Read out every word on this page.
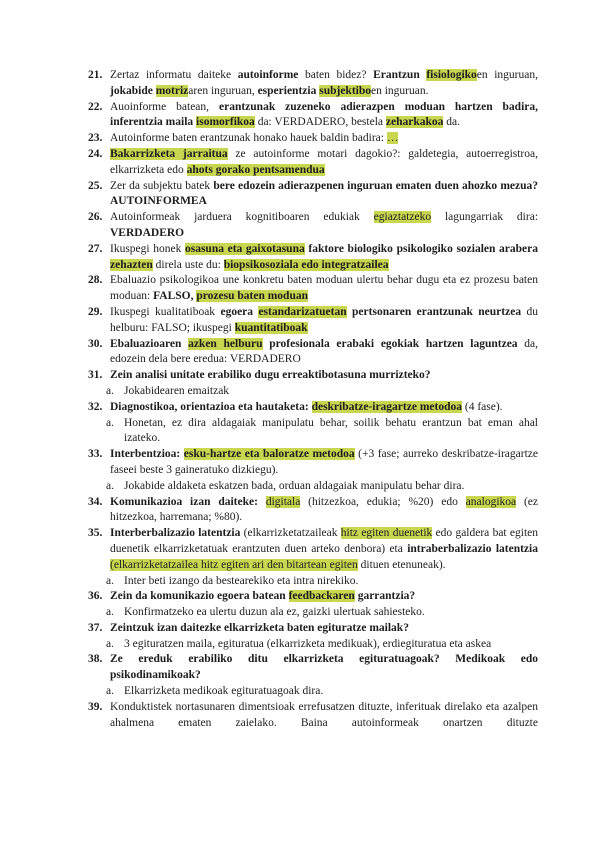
21. Zertaz informatu daiteke autoinforme baten bidez? Erantzun fisiologikoen inguruan, jokabide motrizaren inguruan, esperientzia subjektiboen inguruan.
22. Auoinforme batean, erantzunak zuzeneko adierazpen moduan hartzen badira, inferentzia maila isomorfikoa da: VERDADERO, bestela zeharkakoa da.
23. Autoinforme baten erantzunak honako hauek baldin badira: …
24. Bakarrizketa jarraitua ze autoinforme motari dagokio?: galdetegia, autoerregistroa, elkarrizketa edo ahots gorako pentsamendua
25. Zer da subjektu batek bere edozein adierazpenen inguruan ematen duen ahozko mezua? AUTOINFORMEA
26. Autoinformeak jarduera kognitiboaren edukiak egiaztatzeko lagungarriak dira: VERDADERO
27. Ikuspegi honek osasuna eta gaixotasuna faktore biologiko psikologiko sozialen arabera zehazten direla uste du: biopsikosoziala edo integratzailea
28. Ebaluazio psikologikoa une konkretu baten moduan ulertu behar dugu eta ez prozesu baten moduan: FALSO, prozesu baten moduan
29. Ikuspegi kualitatiboak egoera estandarizatuetan pertsonaren erantzunak neurtzea du helburu: FALSO; ikuspegi kuantitatiboak
30. Ebaluazioaren azken helburu profesionala erabaki egokiak hartzen laguntzea da, edozein dela bere eredua: VERDADERO
31. Zein analisi unitate erabiliko dugu erreaktibotasuna murrizteko?
a. Jokabidearen emaitzak
32. Diagnostikoa, orientazioa eta hautaketa: deskribatze-iragartze metodoa (4 fase).
a. Honetan, ez dira aldagaiak manipulatu behar, soilik behatu erantzun bat eman ahal izateko.
33. Interbentzioa: esku-hartze eta baloratze metodoa (+3 fase; aurreko deskribatze-iragartze faseei beste 3 gaineratuko dizkiegu).
a. Jokabide aldaketa eskatzen bada, orduan aldagaiak manipulatu behar dira.
34. Komunikazioa izan daiteke: digitala (hitzezkoa, edukia; %20) edo analogikoa (ez hitzezkoa, harremana; %80).
35. Interberbalizazio latentzia (elkarrizketatzaileak hitz egiten duenetik edo galdera bat egiten duenetik elkarrizketatuak erantzuten duen arteko denbora) eta intraberbalizazio latentzia (elkarrizketatzailea hitz egiten ari den bitartean egiten dituen etenuneak).
a. Inter beti izango da bestearekiko eta intra nirekiko.
36. Zein da komunikazio egoera batean feedbackaren garrantzia?
a. Konfirmatzeko ea ulertu duzun ala ez, gaizki ulertuak sahiesteko.
37. Zeintzuk izan daitezke elkarrizketa baten egituratze mailak?
a. 3 egituratzen maila, egituratua (elkarrizketa medikuak), erdiegituratua eta askea
38. Ze ereduk erabiliko ditu elkarrizketa egituratuagoak? Medikoak edo psikodinamikoak?
a. Elkarrizketa medikoak egituratuagoak dira.
39. Konduktistek nortasunaren dimentsioak errefusatzen dituzte, inferituak direlako eta azalpen ahalmena ematen zaielako. Baina autoinformeak onartzen dituzte
